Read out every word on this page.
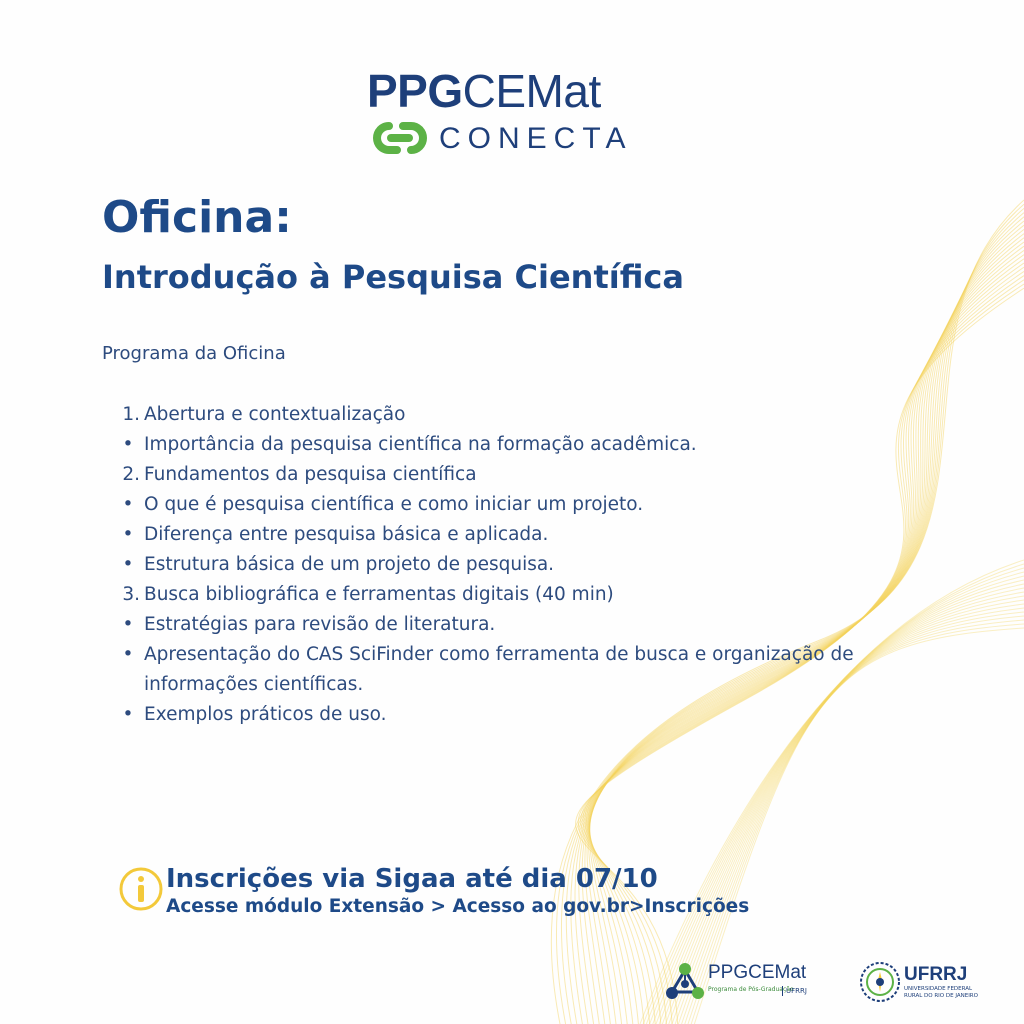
PPGCEMat
CONECTA
Oficina:
Introdução à Pesquisa Científica
Programa da Oficina
1. Abertura e contextualização
• Importância da pesquisa científica na formação acadêmica.
2. Fundamentos da pesquisa científica
• O que é pesquisa científica e como iniciar um projeto.
• Diferença entre pesquisa básica e aplicada.
• Estrutura básica de um projeto de pesquisa.
3. Busca bibliográfica e ferramentas digitais (40 min)
• Estratégias para revisão de literatura.
• Apresentação do CAS SciFinder como ferramenta de busca e organização de informações científicas.
• Exemplos práticos de uso.
Inscrições via Sigaa até dia 07/10
Acesse módulo Extensão > Acesso ao gov.br>Inscrições
PPGCEMat
Programa de Pós-Graduação
UFRRJ
UFRRJ
UNIVERSIDADE FEDERAL RURAL DO RIO DE JANEIRO
